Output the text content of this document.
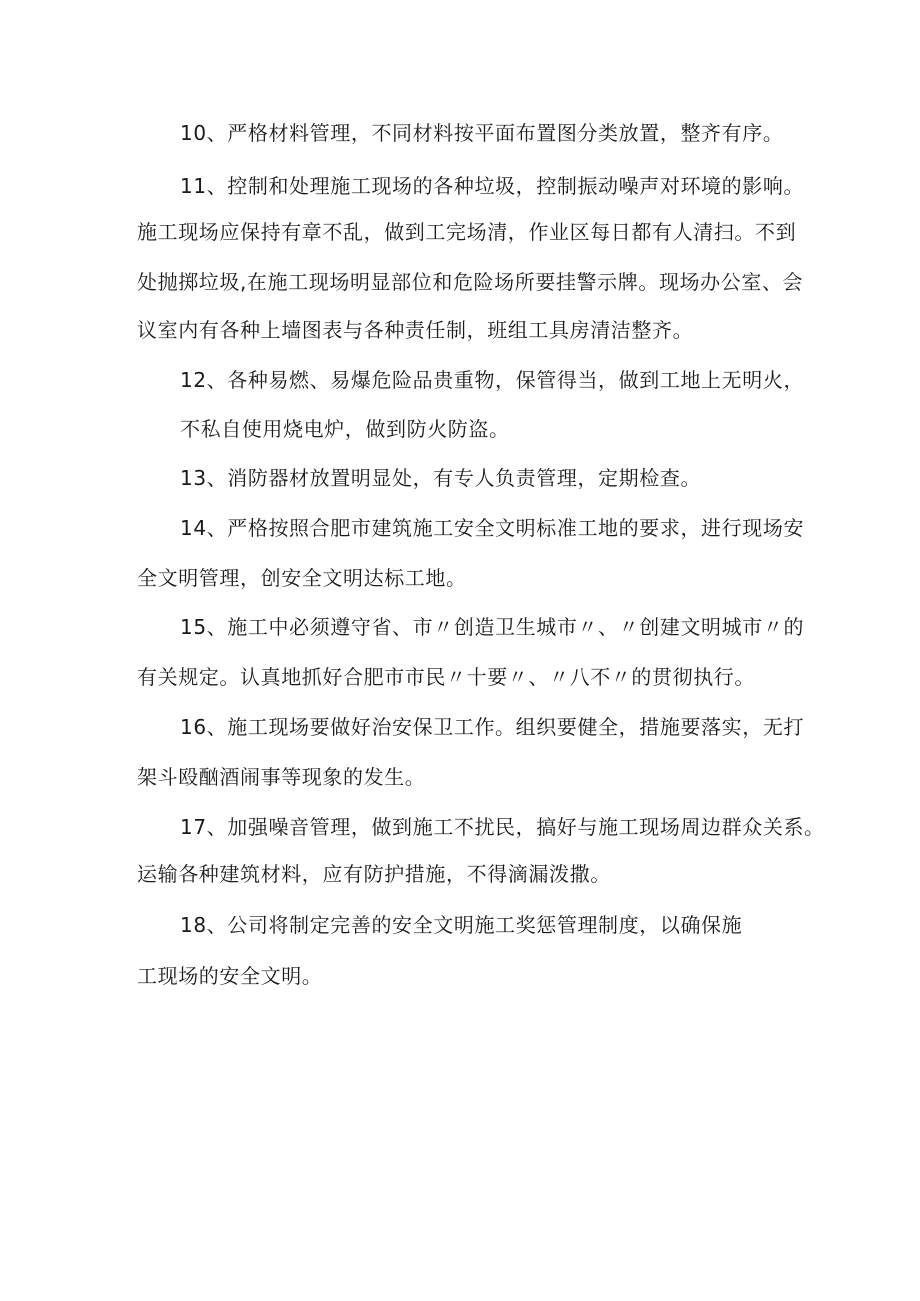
10、严格材料管理，不同材料按平面布置图分类放置，整齐有序。
11、控制和处理施工现场的各种垃圾，控制振动噪声对环境的影响。
施工现场应保持有章不乱，做到工完场清，作业区每日都有人清扫。不到
处抛掷垃圾,在施工现场明显部位和危险场所要挂警示牌。现场办公室、会
议室内有各种上墙图表与各种责任制，班组工具房清洁整齐。
12、各种易燃、易爆危险品贵重物，保管得当，做到工地上无明火，
不私自使用烧电炉，做到防火防盗。
13、消防器材放置明显处，有专人负责管理，定期检查。
14、严格按照合肥市建筑施工安全文明标准工地的要求，进行现场安
全文明管理，创安全文明达标工地。
15、施工中必须遵守省、市〃创造卫生城市〃、〃创建文明城市〃的
有关规定。认真地抓好合肥市市民〃十要〃、〃八不〃的贯彻执行。
16、施工现场要做好治安保卫工作。组织要健全，措施要落实，无打
架斗殴酗酒闹事等现象的发生。
17、加强噪音管理，做到施工不扰民，搞好与施工现场周边群众关系。
运输各种建筑材料，应有防护措施，不得滴漏泼撒。
18、公司将制定完善的安全文明施工奖惩管理制度，以确保施
工现场的安全文明。
